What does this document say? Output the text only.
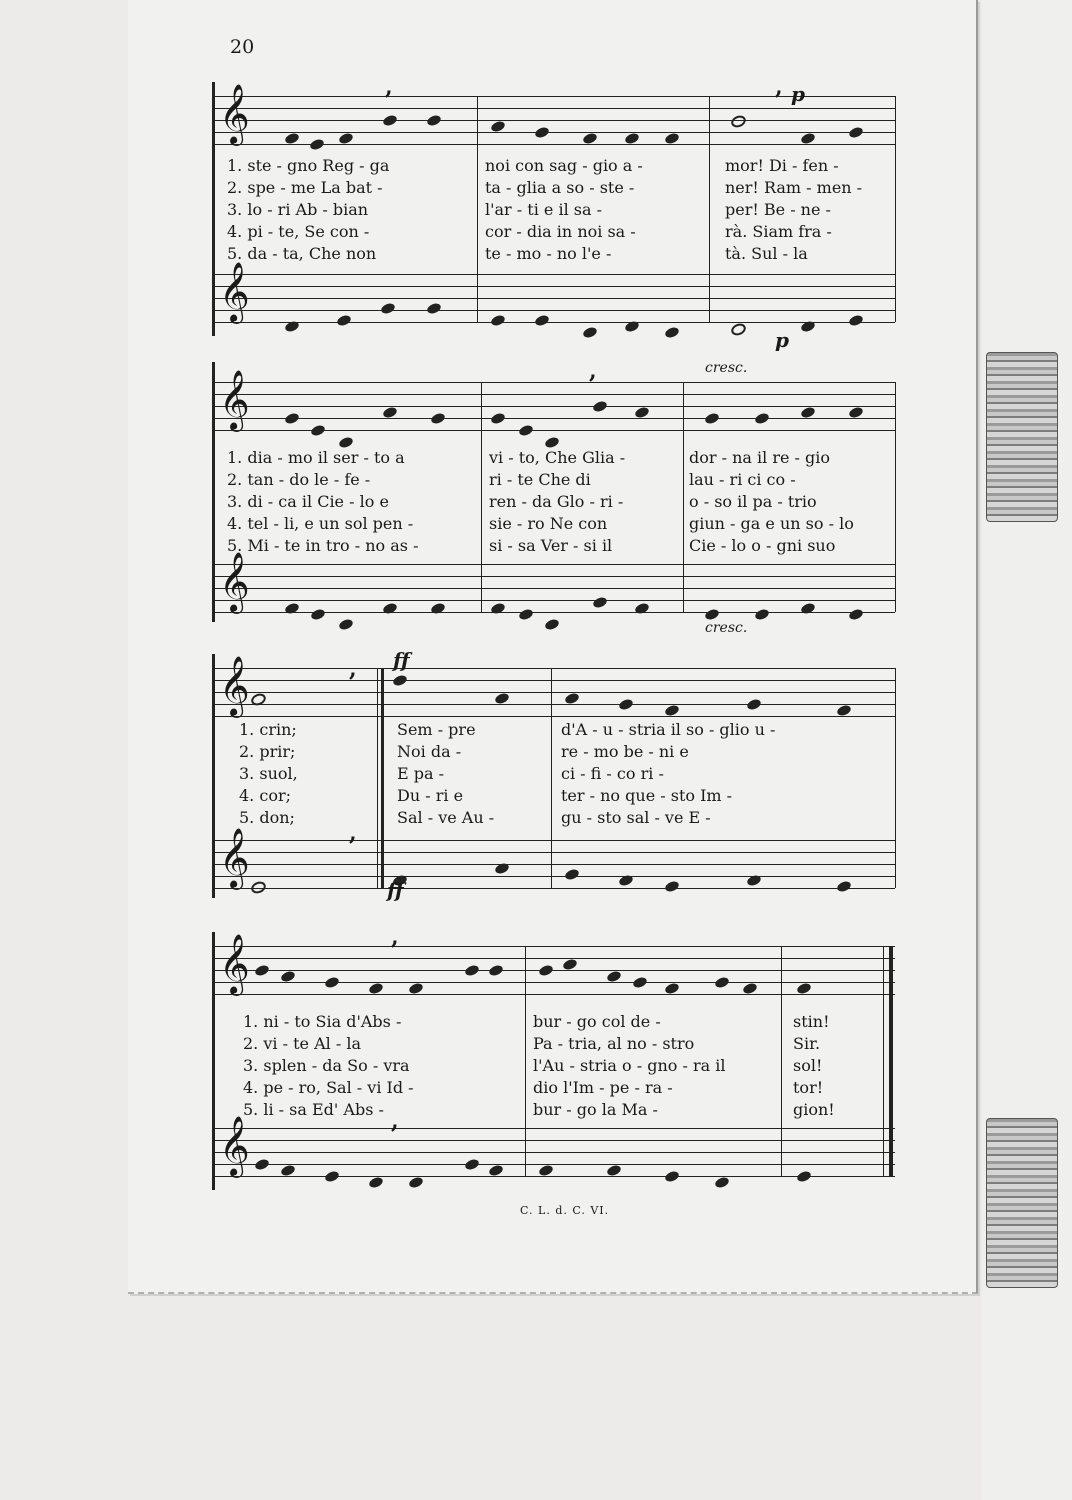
20
𝄞
𝄞
,	, p
p
1. ste - gno Reg - ga	noi con sag - gio a -	mor! Di - fen -
2. spe - me La bat -	ta - glia a so - ste -	ner! Ram - men -
3. lo - ri Ab - bian	l'ar - ti e il sa -	per! Be - ne -
4. pi - te, Se con -	cor - dia in noi sa -	rà. Siam fra -
5. da - ta, Che non	te - mo - no l'e -	tà. Sul - la
𝄞
𝄞
,	cresc.
cresc.
1. dia - mo il ser - to a	vi - to, Che Glia -	dor - na il re - gio
2. tan - do le - fe -	ri - te Che di	lau - ri ci co -
3. di - ca il Cie - lo e	ren - da Glo - ri -	o - so il pa - trio
4. tel - li, e un sol pen -	sie - ro Ne con	giun - ga e un so - lo
5. Mi - te in tro - no as -	si - sa Ver - si il	Cie - lo o - gni suo
𝄞
𝄞
, ff
,
ff
1. crin;	Sem - pre	d'A - u - stria il so - glio u -
2. prir;	Noi da -	re - mo be - ni e
3. suol,	E pa -	ci - fi - co ri -
4. cor;	Du - ri e	ter - no que - sto Im -
5. don;	Sal - ve Au -	gu - sto sal - ve E -
𝄞
𝄞
,
,
1. ni - to Sia d'Abs -	bur - go col de -	stin!
2. vi - te Al - la	Pa - tria, al no - stro	Sir.
3. splen - da So - vra	l'Au - stria o - gno - ra il	sol!
4. pe - ro, Sal - vi Id -	dio l'Im - pe - ra -	tor!
5. li - sa Ed' Abs -	bur - go la Ma -	gion!
C. L. d. C. VI.
